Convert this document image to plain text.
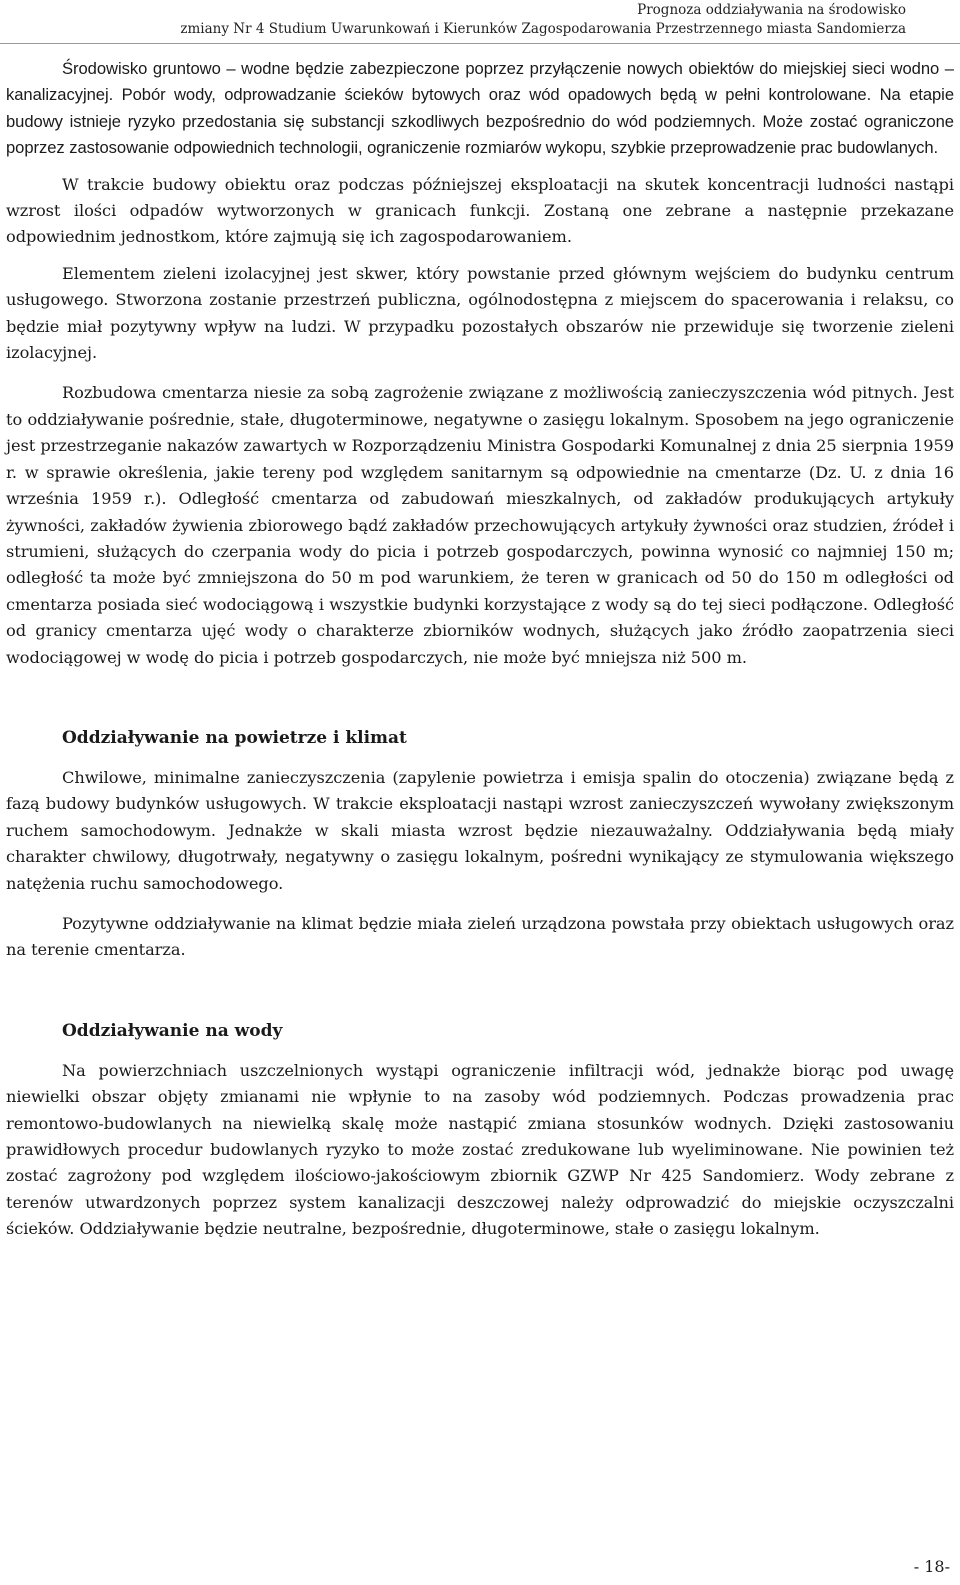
Prognoza oddziaływania na środowisko
zmiany Nr 4 Studium Uwarunkowań i Kierunków Zagospodarowania Przestrzennego miasta Sandomierza

Środowisko gruntowo – wodne będzie zabezpieczone poprzez przyłączenie nowych obiektów do miejskiej sieci wodno – kanalizacyjnej. Pobór wody, odprowadzanie ścieków bytowych oraz wód opadowych będą w pełni kontrolowane. Na etapie budowy istnieje ryzyko przedostania się substancji szkodliwych bezpośrednio do wód podziemnych. Może zostać ograniczone poprzez zastosowanie odpowiednich technologii, ograniczenie rozmiarów wykopu, szybkie przeprowadzenie prac budowlanych.

W trakcie budowy obiektu oraz podczas późniejszej eksploatacji na skutek koncentracji ludności nastąpi wzrost ilości odpadów wytworzonych w granicach funkcji. Zostaną one zebrane a następnie przekazane odpowiednim jednostkom, które zajmują się ich zagospodarowaniem.

Elementem zieleni izolacyjnej jest skwer, który powstanie przed głównym wejściem do budynku centrum usługowego. Stworzona zostanie przestrzeń publiczna, ogólnodostępna z miejscem do spacerowania i relaksu, co będzie miał pozytywny wpływ na ludzi. W przypadku pozostałych obszarów nie przewiduje się tworzenie zieleni izolacyjnej.

Rozbudowa cmentarza niesie za sobą zagrożenie związane z możliwością zanieczyszczenia wód pitnych. Jest to oddziaływanie pośrednie, stałe, długoterminowe, negatywne o zasięgu lokalnym. Sposobem na jego ograniczenie jest przestrzeganie nakazów zawartych w Rozporządzeniu Ministra Gospodarki Komunalnej z dnia 25 sierpnia 1959 r. w sprawie określenia, jakie tereny pod względem sanitarnym są odpowiednie na cmentarze (Dz. U. z dnia 16 września 1959 r.). Odległość cmentarza od zabudowań mieszkalnych, od zakładów produkujących artykuły żywności, zakładów żywienia zbiorowego bądź zakładów przechowujących artykuły żywności oraz studzien, źródeł i strumieni, służących do czerpania wody do picia i potrzeb gospodarczych, powinna wynosić co najmniej 150 m; odległość ta może być zmniejszona do 50 m pod warunkiem, że teren w granicach od 50 do 150 m odległości od cmentarza posiada sieć wodociągową i wszystkie budynki korzystające z wody są do tej sieci podłączone. Odległość od granicy cmentarza ujęć wody o charakterze zbiorników wodnych, służących jako źródło zaopatrzenia sieci wodociągowej w wodę do picia i potrzeb gospodarczych, nie może być mniejsza niż 500 m.

Oddziaływanie na powietrze i klimat

Chwilowe, minimalne zanieczyszczenia (zapylenie powietrza i emisja spalin do otoczenia) związane będą z fazą budowy budynków usługowych. W trakcie eksploatacji nastąpi wzrost zanieczyszczeń wywołany zwiększonym ruchem samochodowym. Jednakże w skali miasta wzrost będzie niezauważalny. Oddziaływania będą miały charakter chwilowy, długotrwały, negatywny o zasięgu lokalnym, pośredni wynikający ze stymulowania większego natężenia ruchu samochodowego.

Pozytywne oddziaływanie na klimat będzie miała zieleń urządzona powstała przy obiektach usługowych oraz na terenie cmentarza.

Oddziaływanie na wody

Na powierzchniach uszczelnionych wystąpi ograniczenie infiltracji wód, jednakże biorąc pod uwagę niewielki obszar objęty zmianami nie wpłynie to na zasoby wód podziemnych. Podczas prowadzenia prac remontowo-budowlanych na niewielką skalę może nastąpić zmiana stosunków wodnych. Dzięki zastosowaniu prawidłowych procedur budowlanych ryzyko to może zostać zredukowane lub wyeliminowane. Nie powinien też zostać zagrożony pod względem ilościowo-jakościowym zbiornik GZWP Nr 425 Sandomierz. Wody zebrane z terenów utwardzonych poprzez system kanalizacji deszczowej należy odprowadzić do miejskie oczyszczalni ścieków. Oddziaływanie będzie neutralne, bezpośrednie, długoterminowe, stałe o zasięgu lokalnym.

- 18-
